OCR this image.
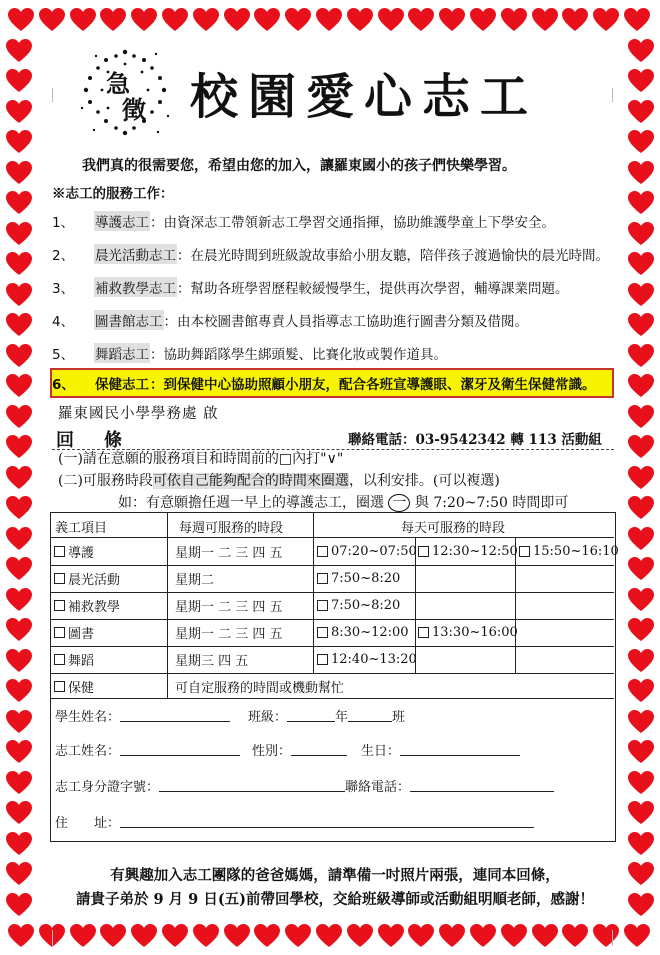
急
徵 校園愛心志工
我們真的很需要您，希望由您的加入，讓羅東國小的孩子們快樂學習。
※志工的服務工作：
1、	導護志工 ：由資深志工帶領新志工學習交通指揮，協助維護學童上下學安全。
2、	晨光活動志工 ：在晨光時間到班級說故事給小朋友聽，陪伴孩子渡過愉快的晨光時間。
3、	補救教學志工 ：幫助各班學習歷程較緩慢學生，提供再次學習，輔導課業問題。
4、	圖書館志工 ：由本校圖書館專責人員指導志工協助進行圖書分類及借閱。
5、	舞蹈志工 ：協助舞蹈隊學生綁頭髮、比賽化妝或製作道具。
6、	保健志工 ：到保健中心協助照顧小朋友，配合各班宣導護眼、潔牙及衛生保健常識。
羅東國民小學學務處 啟
回條	聯絡電話：03-9542342 轉 113 活動組
(一)請在意願的服務項目和時間前的□內打"∨"
(二)可服務時段可依自己能夠配合的時間來圈選，以利安排。(可以複選)
如：有意願擔任週一早上的導護志工，圈選 一 與 7:20~7:50 時間即可
義工項目	每週可服務的時段	每天可服務的時段
導護	星期一 二 三 四 五	07:20~07:50 12:30~12:50 15:50~16:10
晨光活動	星期二	7:50~8:20
補救教學	星期一 二 三 四 五	7:50~8:20
圖書	星期一 二 三 四 五	8:30~12:00 13:30~16:00
舞蹈	星期三 四 五	12:40~13:20
保健	可自定服務的時間或機動幫忙
學生姓名：	班級：	年	班
志工姓名：	性別：	生日：
志工身分證字號：	聯絡電話：
住　　址：
有興趣加入志工團隊的爸爸媽媽，請準備一吋照片兩張，連同本回條，
請貴子弟於 9 月 9 日(五)前帶回學校，交給班級導師或活動組明順老師，感謝！
